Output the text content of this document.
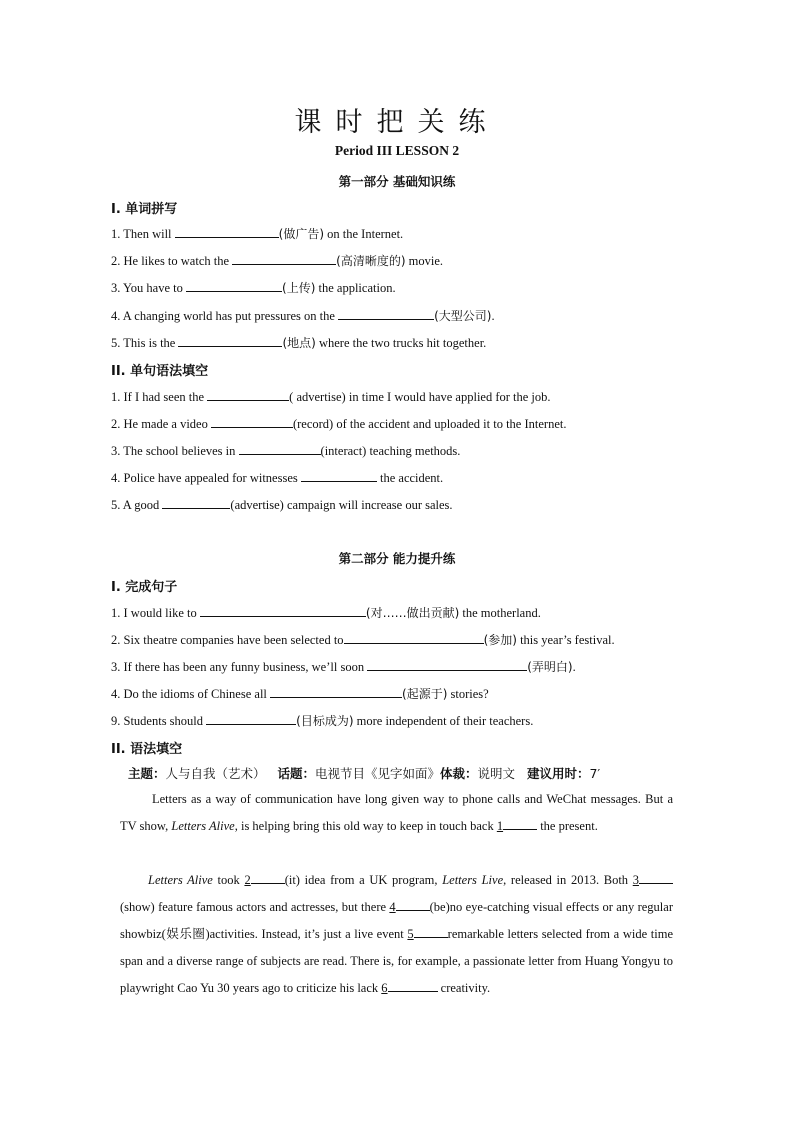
课时把关练
Period III LESSON 2
第一部分 基础知识练
I. 单词拼写
1. Then will	(做广告) on the Internet.
2. He likes to watch the	(高清晰度的) movie.
3. You have to	(上传) the application.
4. A changing world has put pressures on the	(大型公司).
5. This is the	(地点) where the two trucks hit together.
II. 单句语法填空
1. If I had seen the	( advertise) in time I would have applied for the job.
2. He made a video	(record) of the accident and uploaded it to the Internet.
3. The school believes in	(interact) teaching methods.
4. Police have appealed for witnesses	the accident.
5. A good	(advertise) campaign will increase our sales.
第二部分 能力提升练
I. 完成句子
1. I would like to	(对……做出贡献) the motherland.
2. Six theatre companies have been selected to	(参加) this year’s festival.
3. If there has been any funny business, we’ll soon	(弄明白).
4. Do the idioms of Chinese all	(起源于) stories?
9. Students should	(目标成为) more independent of their teachers.
II. 语法填空
主题：人与自我（艺术） 话题：电视节目《见字如面》体裁：说明文 建议用时：7′
Letters as a way of communication have long given way to phone calls and WeChat messages. But a TV show, Letters Alive, is helping bring this old way to keep in touch back 1	the present.
Letters Alive took 2	(it) idea from a UK program, Letters Live, released in 2013. Both 3(show) feature famous actors and actresses, but there 4	(be)no eye-catching visual effects or any regular showbiz(娱乐圈)activities. Instead, it’s just a live event 5	remarkable letters selected from a wide time span and a diverse range of subjects are read. There is, for example, a passionate letter from Huang Yongyu to playwright Cao Yu 30 years ago to criticize his lack 6	creativity.
